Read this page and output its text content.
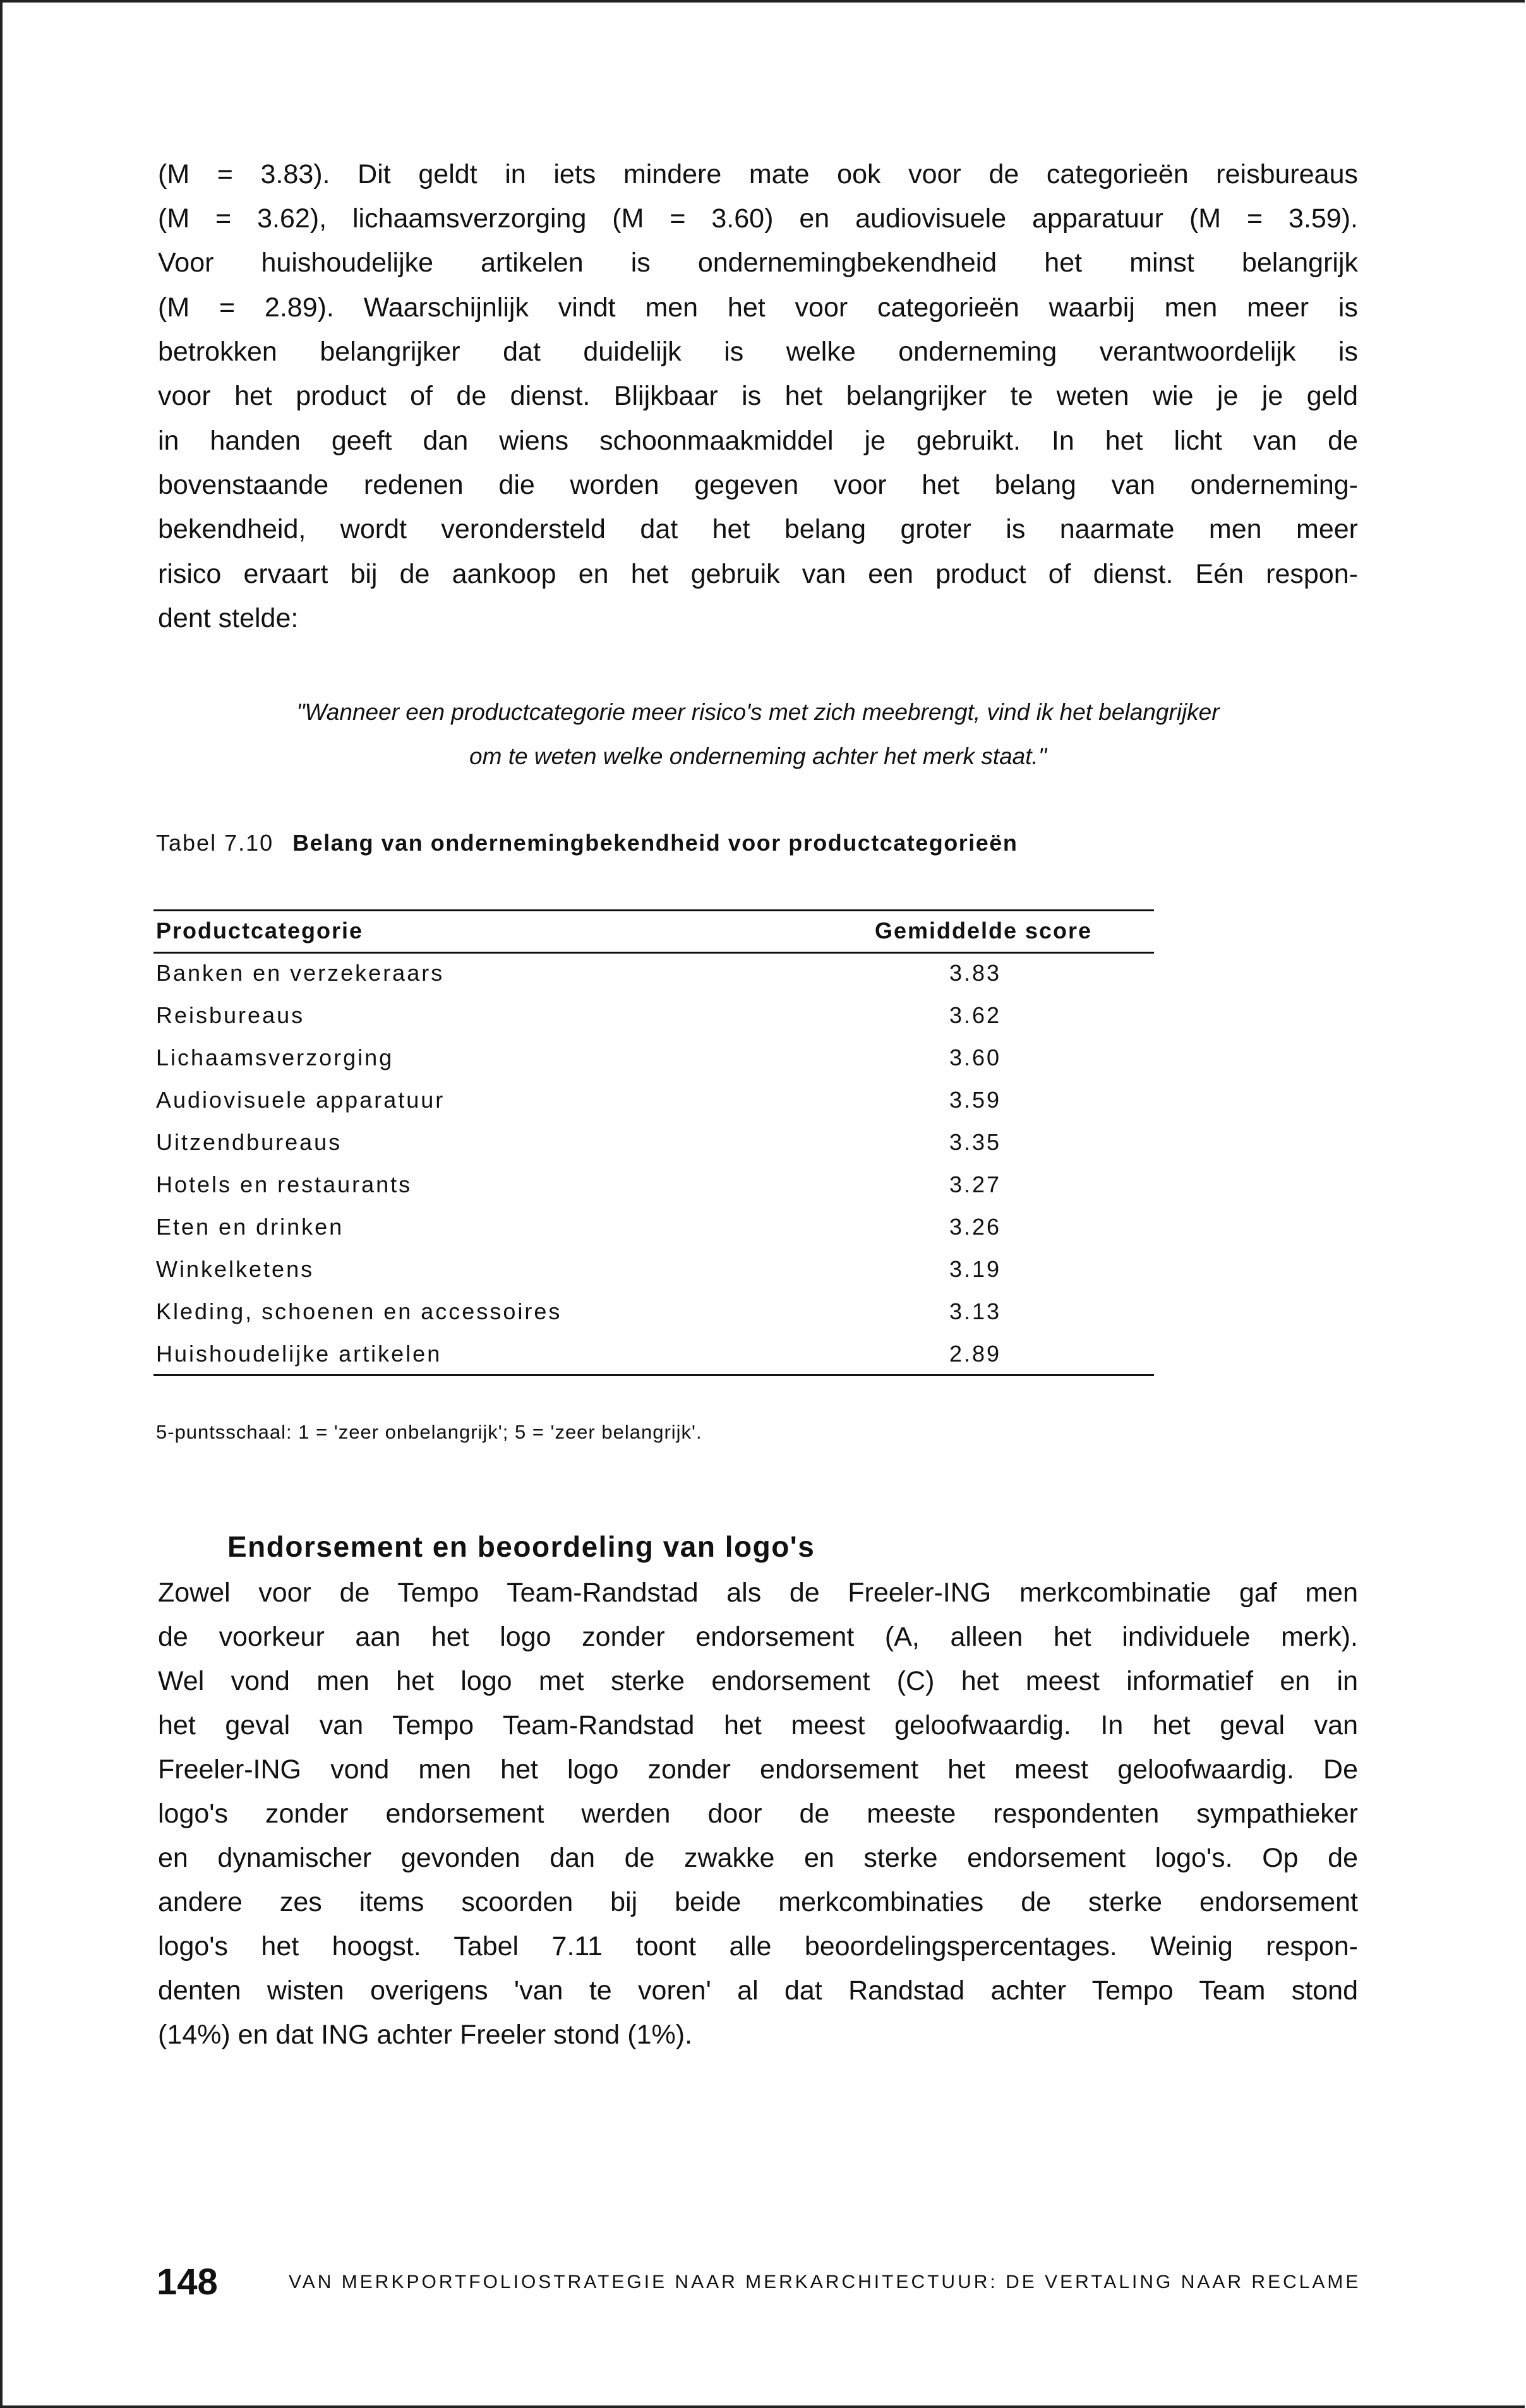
(M = 3.83). Dit geldt in iets mindere mate ook voor de categorieën reisbureaus
(M = 3.62), lichaamsverzorging (M = 3.60) en audiovisuele apparatuur (M = 3.59).
Voor huishoudelijke artikelen is ondernemingbekendheid het minst belangrijk
(M = 2.89). Waarschijnlijk vindt men het voor categorieën waarbij men meer is
betrokken belangrijker dat duidelijk is welke onderneming verantwoordelijk is
voor het product of de dienst. Blijkbaar is het belangrijker te weten wie je je geld
in handen geeft dan wiens schoonmaakmiddel je gebruikt. In het licht van de
bovenstaande redenen die worden gegeven voor het belang van onderneming-
bekendheid, wordt verondersteld dat het belang groter is naarmate men meer
risico ervaart bij de aankoop en het gebruik van een product of dienst. Eén respon-
dent stelde:
"Wanneer een productcategorie meer risico's met zich meebrengt, vind ik het belangrijker
om te weten welke onderneming achter het merk staat."
Tabel 7.10 Belang van ondernemingbekendheid voor productcategorieën
Productcategorie	Gemiddelde score
Banken en verzekeraars	3.83
Reisbureaus	3.62
Lichaamsverzorging	3.60
Audiovisuele apparatuur	3.59
Uitzendbureaus	3.35
Hotels en restaurants	3.27
Eten en drinken	3.26
Winkelketens	3.19
Kleding, schoenen en accessoires	3.13
Huishoudelijke artikelen	2.89
5-puntsschaal: 1 = 'zeer onbelangrijk'; 5 = 'zeer belangrijk'.
Endorsement en beoordeling van logo's
Zowel voor de Tempo Team-Randstad als de Freeler-ING merkcombinatie gaf men
de voorkeur aan het logo zonder endorsement (A, alleen het individuele merk).
Wel vond men het logo met sterke endorsement (C) het meest informatief en in
het geval van Tempo Team-Randstad het meest geloofwaardig. In het geval van
Freeler-ING vond men het logo zonder endorsement het meest geloofwaardig. De
logo's zonder endorsement werden door de meeste respondenten sympathieker
en dynamischer gevonden dan de zwakke en sterke endorsement logo's. Op de
andere zes items scoorden bij beide merkcombinaties de sterke endorsement
logo's het hoogst. Tabel 7.11 toont alle beoordelingspercentages. Weinig respon-
denten wisten overigens 'van te voren' al dat Randstad achter Tempo Team stond
(14%) en dat ING achter Freeler stond (1%).
148	VAN MERKPORTFOLIOSTRATEGIE NAAR MERKARCHITECTUUR: DE VERTALING NAAR RECLAME
